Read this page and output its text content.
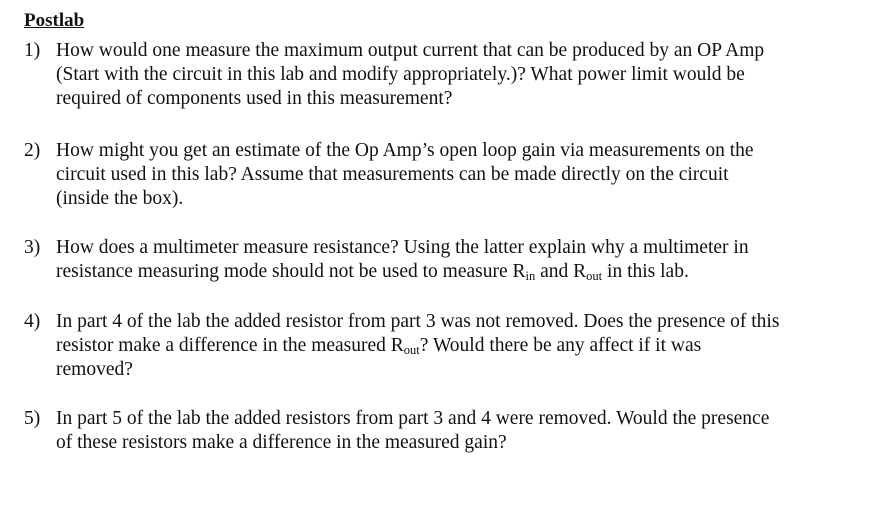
Postlab
1) How would one measure the maximum output current that can be produced by an OP Amp
(Start with the circuit in this lab and modify appropriately.)? What power limit would be
required of components used in this measurement?
2) How might you get an estimate of the Op Amp’s open loop gain via measurements on the
circuit used in this lab? Assume that measurements can be made directly on the circuit
(inside the box).
3) How does a multimeter measure resistance? Using the latter explain why a multimeter in
resistance measuring mode should not be used to measure $R_{in}$ and $R_{out}$ in this lab.
4) In part 4 of the lab the added resistor from part 3 was not removed. Does the presence of this
resistor make a difference in the measured $R_{out}$? Would there be any affect if it was
removed?
5) In part 5 of the lab the added resistors from part 3 and 4 were removed. Would the presence
of these resistors make a difference in the measured gain?
